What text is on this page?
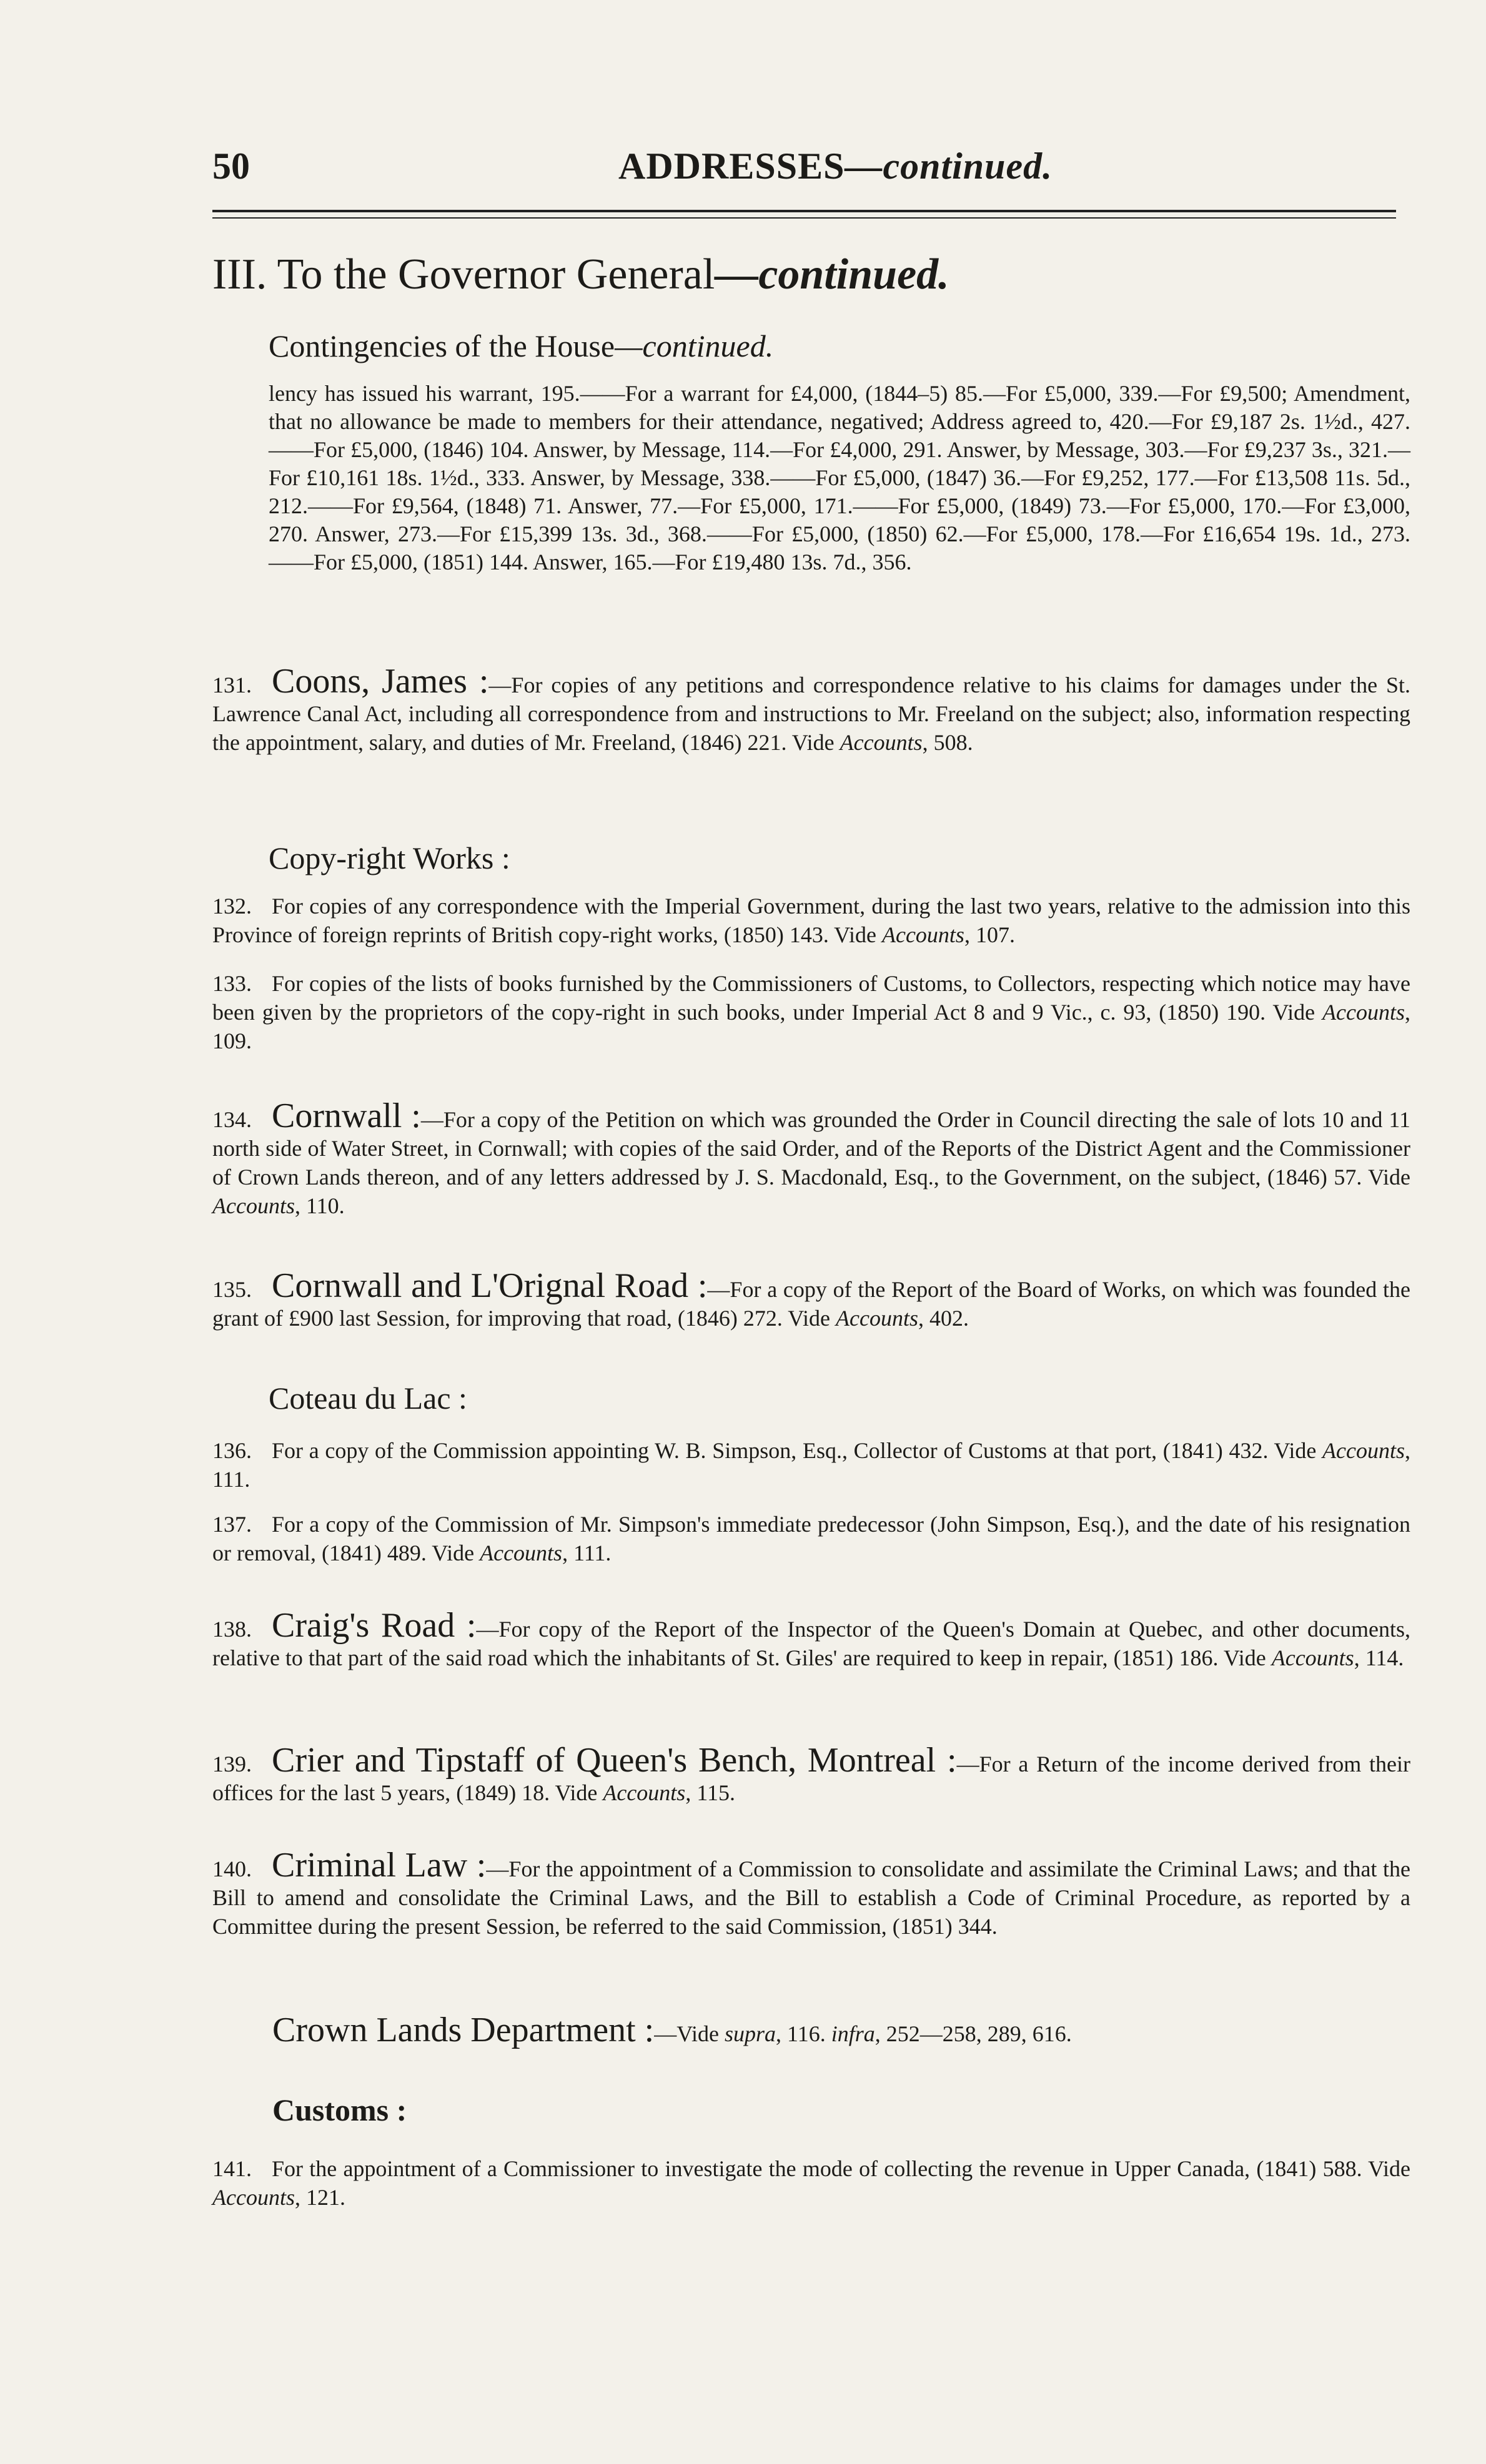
50	ADDRESSES—continued.
III. To the Governor General—continued.
Contingencies of the House—continued.
lency has issued his warrant, 195.——For a warrant for £4,000, (1844–5) 85.—For £5,000, 339.—For £9,500; Amendment, that no allowance be made to members for their attendance, negatived; Address agreed to, 420.—For £9,187 2s. 1½d., 427.——For £5,000, (1846) 104. Answer, by Message, 114.—For £4,000, 291. Answer, by Message, 303.—For £9,237 3s., 321.—For £10,161 18s. 1½d., 333. Answer, by Message, 338.——For £5,000, (1847) 36.—For £9,252, 177.—For £13,508 11s. 5d., 212.——For £9,564, (1848) 71. Answer, 77.—For £5,000, 171.——For £5,000, (1849) 73.—For £5,000, 170.—For £3,000, 270. Answer, 273.—For £15,399 13s. 3d., 368.——For £5,000, (1850) 62.—For £5,000, 178.—For £16,654 19s. 1d., 273.——For £5,000, (1851) 144. Answer, 165.—For £19,480 13s. 7d., 356.
131. Coons, James :—For copies of any petitions and correspondence relative to his claims for damages under the St. Lawrence Canal Act, including all correspondence from and instructions to Mr. Freeland on the subject; also, information respecting the appointment, salary, and duties of Mr. Freeland, (1846) 221. Vide Accounts, 508.
Copy-right Works :
132. For copies of any correspondence with the Imperial Government, during the last two years, relative to the admission into this Province of foreign reprints of British copy-right works, (1850) 143. Vide Accounts, 107.
133. For copies of the lists of books furnished by the Commissioners of Customs, to Collectors, respecting which notice may have been given by the proprietors of the copy-right in such books, under Imperial Act 8 and 9 Vic., c. 93, (1850) 190. Vide Accounts, 109.
134. Cornwall :—For a copy of the Petition on which was grounded the Order in Council directing the sale of lots 10 and 11 north side of Water Street, in Cornwall; with copies of the said Order, and of the Reports of the District Agent and the Commissioner of Crown Lands thereon, and of any letters addressed by J. S. Macdonald, Esq., to the Government, on the subject, (1846) 57. Vide Accounts, 110.
135. Cornwall and L'Orignal Road :—For a copy of the Report of the Board of Works, on which was founded the grant of £900 last Session, for improving that road, (1846) 272. Vide Accounts, 402.
Coteau du Lac :
136. For a copy of the Commission appointing W. B. Simpson, Esq., Collector of Customs at that port, (1841) 432. Vide Accounts, 111.
137. For a copy of the Commission of Mr. Simpson's immediate predecessor (John Simpson, Esq.), and the date of his resignation or removal, (1841) 489. Vide Accounts, 111.
138. Craig's Road :—For copy of the Report of the Inspector of the Queen's Domain at Quebec, and other documents, relative to that part of the said road which the inhabitants of St. Giles' are required to keep in repair, (1851) 186. Vide Accounts, 114.
139. Crier and Tipstaff of Queen's Bench, Montreal :—For a Return of the income derived from their offices for the last 5 years, (1849) 18. Vide Accounts, 115.
140. Criminal Law :—For the appointment of a Commission to consolidate and assimilate the Criminal Laws; and that the Bill to amend and consolidate the Criminal Laws, and the Bill to establish a Code of Criminal Procedure, as reported by a Committee during the present Session, be referred to the said Commission, (1851) 344.
Crown Lands Department :—Vide supra, 116. infra, 252—258, 289, 616.
Customs :
141. For the appointment of a Commissioner to investigate the mode of collecting the revenue in Upper Canada, (1841) 588. Vide Accounts, 121.
